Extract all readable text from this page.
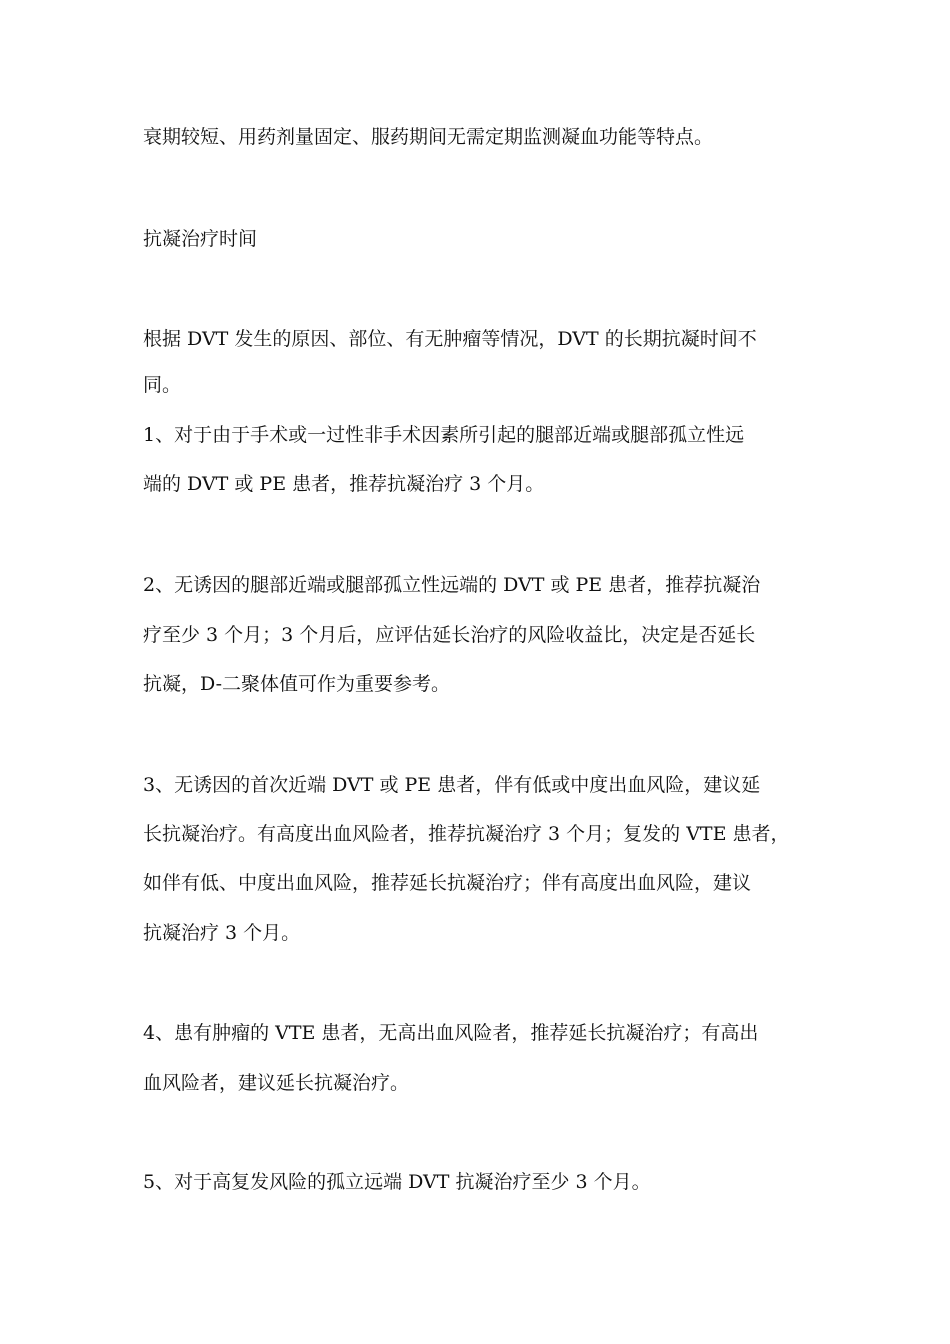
衰期较短、用药剂量固定、服药期间无需定期监测凝血功能等特点。
抗凝治疗时间
根据 DVT 发生的原因、部位、有无肿瘤等情况，DVT 的长期抗凝时间不
同。
1、对于由于手术或一过性非手术因素所引起的腿部近端或腿部孤立性远
端的 DVT 或 PE 患者，推荐抗凝治疗 3 个月。
2、无诱因的腿部近端或腿部孤立性远端的 DVT 或 PE 患者，推荐抗凝治
疗至少 3 个月；3 个月后，应评估延长治疗的风险收益比，决定是否延长
抗凝，D-二聚体值可作为重要参考。
3、无诱因的首次近端 DVT 或 PE 患者，伴有低或中度出血风险，建议延
长抗凝治疗。有高度出血风险者，推荐抗凝治疗 3 个月；复发的 VTE 患者，
如伴有低、中度出血风险，推荐延长抗凝治疗；伴有高度出血风险，建议
抗凝治疗 3 个月。
4、患有肿瘤的 VTE 患者，无高出血风险者，推荐延长抗凝治疗；有高出
血风险者，建议延长抗凝治疗。
5、对于高复发风险的孤立远端 DVT 抗凝治疗至少 3 个月。
